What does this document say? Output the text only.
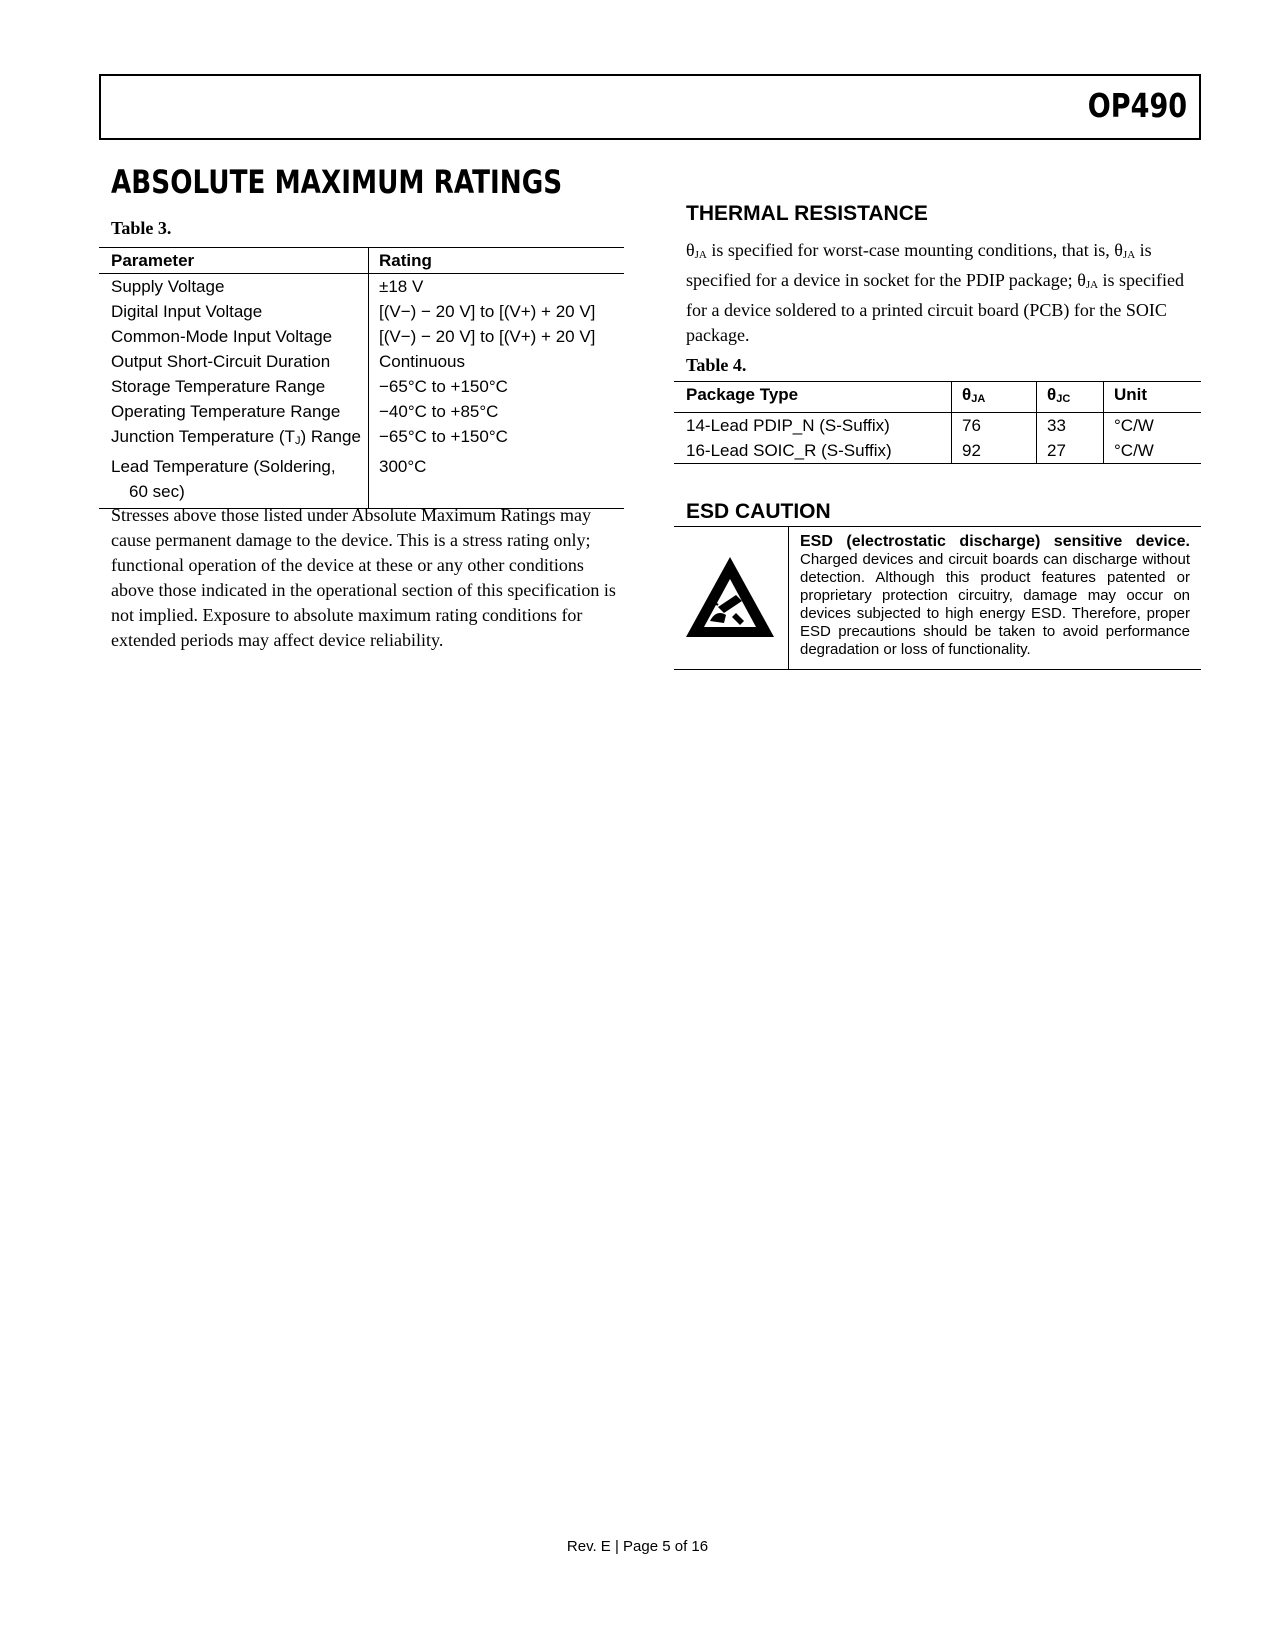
OP490
ABSOLUTE MAXIMUM RATINGS
Table 3.
Parameter	Rating
Supply Voltage	±18 V
Digital Input Voltage	[(V−) − 20 V] to [(V+) + 20 V]
Common-Mode Input Voltage	[(V−) − 20 V] to [(V+) + 20 V]
Output Short-Circuit Duration	Continuous
Storage Temperature Range	−65°C to +150°C
Operating Temperature Range	−40°C to +85°C
Junction Temperature (TJ) Range	−65°C to +150°C

Lead Temperature (Soldering,
60 sec)	300°C
Stresses above those listed under Absolute Maximum Ratings may cause permanent damage to the device. This is a stress rating only; functional operation of the device at these or any other conditions above those indicated in the operational section of this specification is not implied. Exposure to absolute maximum rating conditions for extended periods may affect device reliability.
THERMAL RESISTANCE
θJA is specified for worst-case mounting conditions, that is, θJA is specified for a device in socket for the PDIP package; θJA is specified for a device soldered to a printed circuit board (PCB) for the SOIC package.
Table 4.
Package Type	θJA	θJC	Unit
14-Lead PDIP_N (S-Suffix)	76	33	°C/W
16-Lead SOIC_R (S-Suffix)	92	27	°C/W
ESD CAUTION
ESD (electrostatic discharge) sensitive device. Charged devices and circuit boards can discharge without detection. Although this product features patented or proprietary protection circuitry, damage may occur on devices subjected to high energy ESD. Therefore, proper ESD precautions should be taken to avoid performance degradation or loss of functionality.
Rev. E | Page 5 of 16
